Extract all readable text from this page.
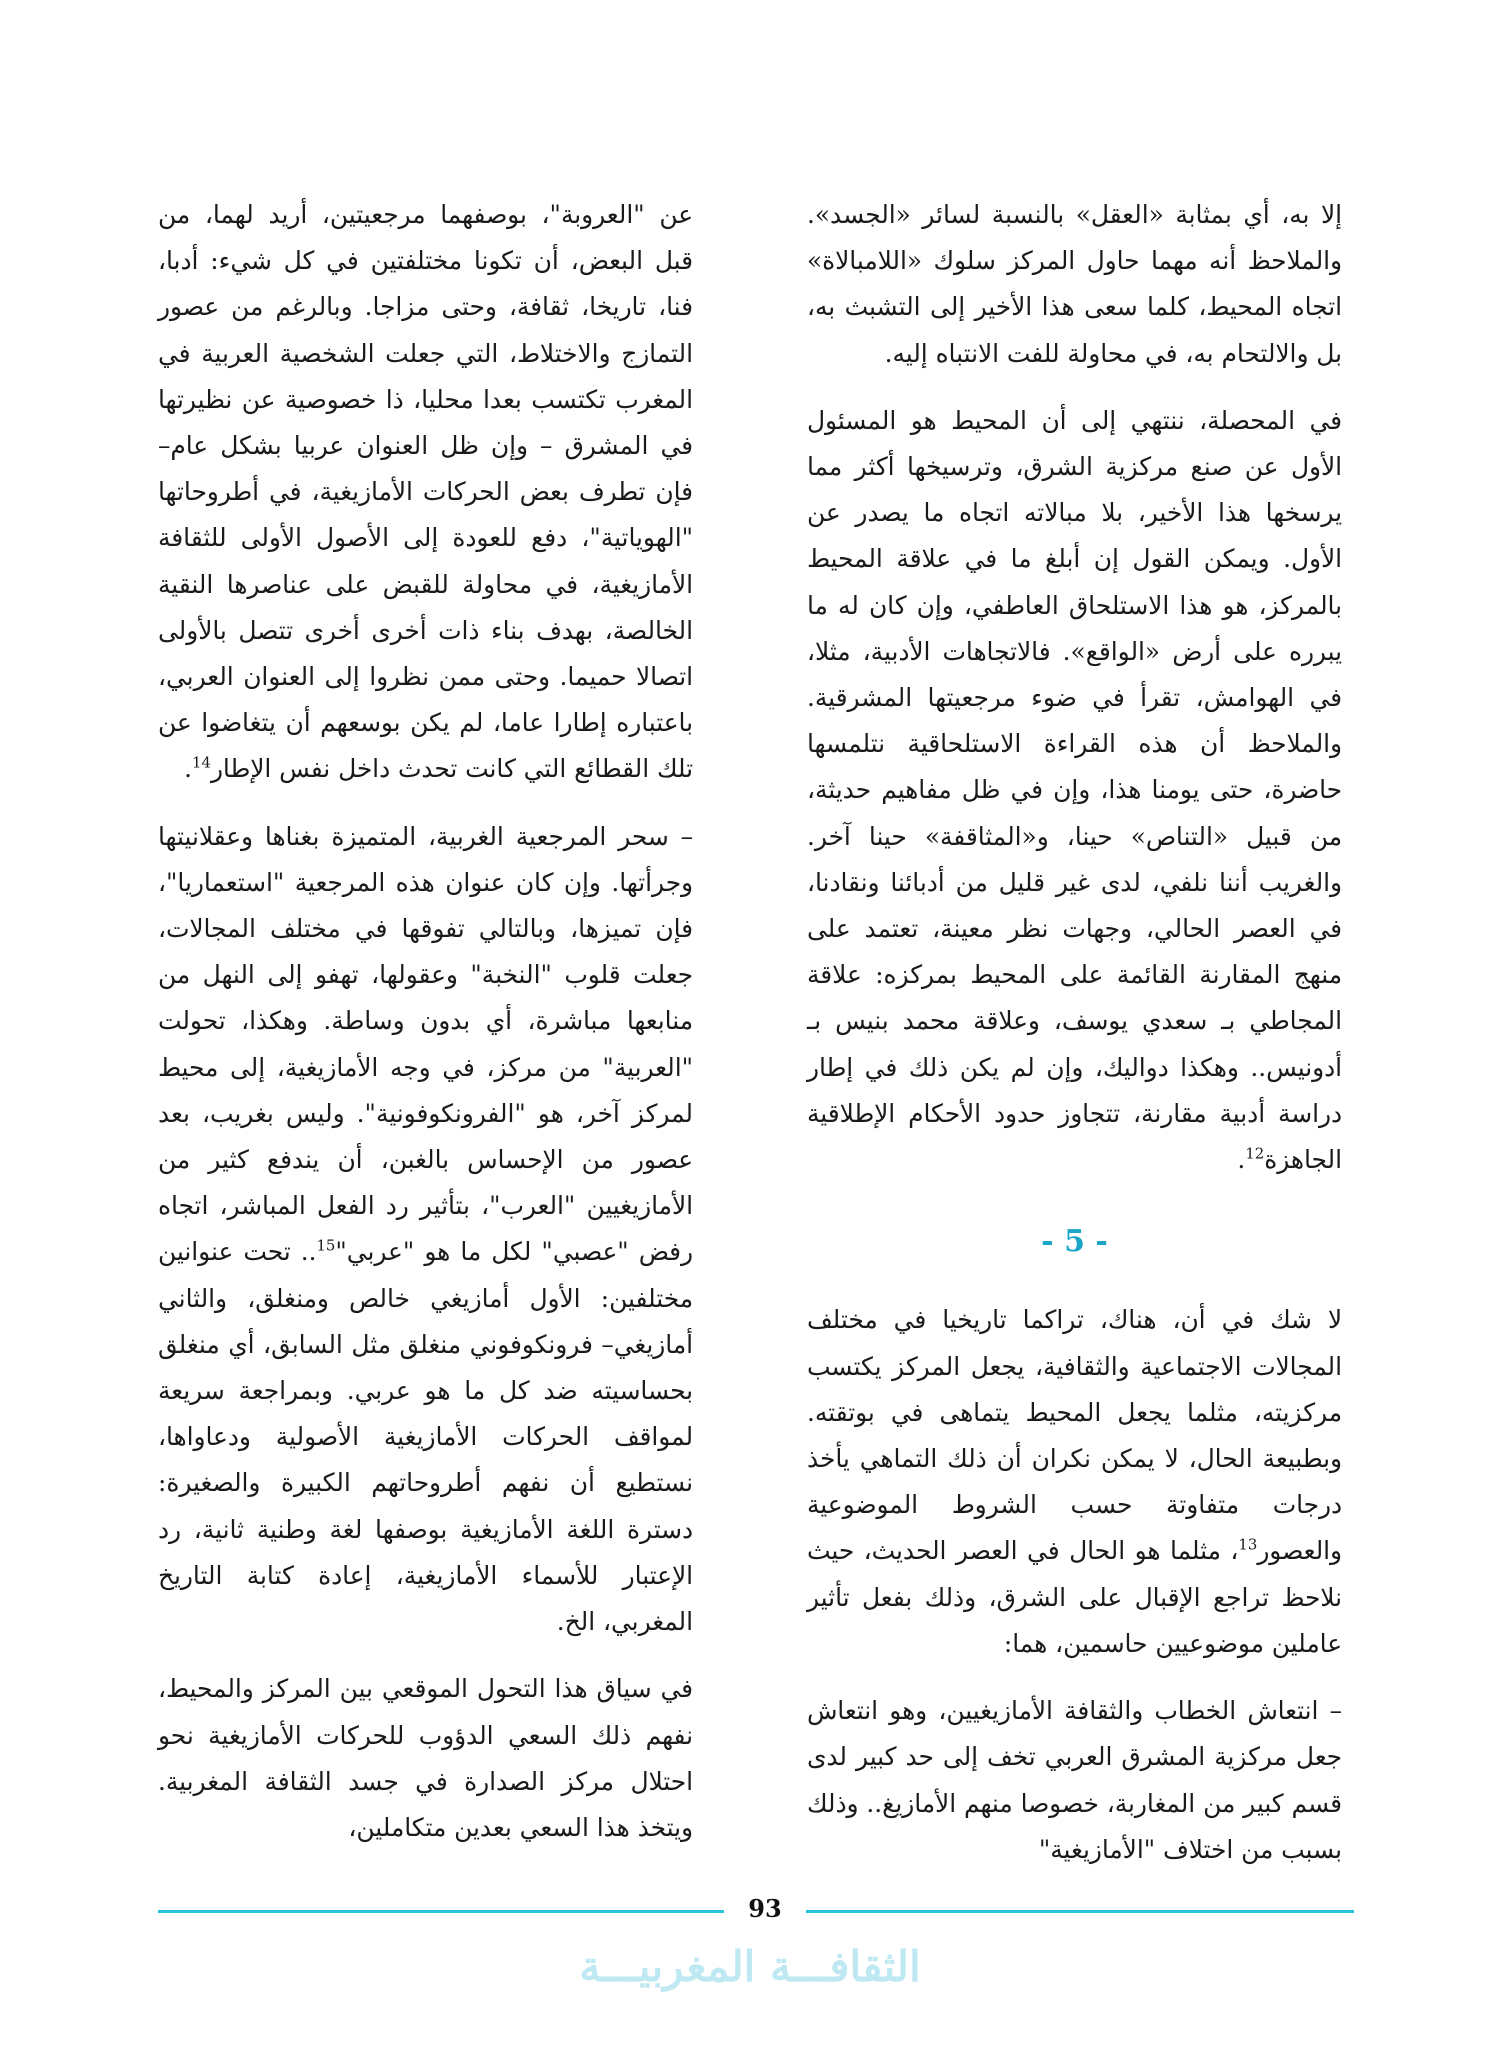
إلا به، أي بمثابة «العقل» بالنسبة لسائر «الجسد». والملاحظ أنه مهما حاول المركز سلوك «اللامبالاة» اتجاه المحيط، كلما سعى هذا الأخير إلى التشبث به، بل والالتحام به، في محاولة للفت الانتباه إليه.

في المحصلة، ننتهي إلى أن المحيط هو المسئول الأول عن صنع مركزية الشرق، وترسيخها أكثر مما يرسخها هذا الأخير، بلا مبالاته اتجاه ما يصدر عن الأول. ويمكن القول إن أبلغ ما في علاقة المحيط بالمركز، هو هذا الاستلحاق العاطفي، وإن كان له ما يبرره على أرض «الواقع». فالاتجاهات الأدبية، مثلا، في الهوامش، تقرأ في ضوء مرجعيتها المشرقية. والملاحظ أن هذه القراءة الاستلحاقية نتلمسها حاضرة، حتى يومنا هذا، وإن في ظل مفاهيم حديثة، من قبيل «التناص» حينا، و«المثاقفة» حينا آخر. والغريب أننا نلفي، لدى غير قليل من أدبائنا ونقادنا، في العصر الحالي، وجهات نظر معينة، تعتمد على منهج المقارنة القائمة على المحيط بمركزه: علاقة المجاطي بـ سعدي يوسف، وعلاقة محمد بنيس بـ أدونيس.. وهكذا دواليك، وإن لم يكن ذلك في إطار دراسة أدبية مقارنة، تتجاوز حدود الأحكام الإطلاقية الجاهزة$^{12}$.

- 5 -

لا شك في أن، هناك، تراكما تاريخيا في مختلف المجالات الاجتماعية والثقافية، يجعل المركز يكتسب مركزيته، مثلما يجعل المحيط يتماهى في بوتقته. وبطبيعة الحال، لا يمكن نكران أن ذلك التماهي يأخذ درجات متفاوتة حسب الشروط الموضوعية والعصور$^{13}$، مثلما هو الحال في العصر الحديث، حيث نلاحظ تراجع الإقبال على الشرق، وذلك بفعل تأثير عاملين موضوعيين حاسمين، هما:

– انتعاش الخطاب والثقافة الأمازيغيين، وهو انتعاش جعل مركزية المشرق العربي تخف إلى حد كبير لدى قسم كبير من المغاربة، خصوصا منهم الأمازيغ.. وذلك بسبب من اختلاف "الأمازيغية"

عن "العروبة"، بوصفهما مرجعيتين، أريد لهما، من قبل البعض، أن تكونا مختلفتين في كل شيء: أدبا، فنا، تاريخا، ثقافة، وحتى مزاجا. وبالرغم من عصور التمازج والاختلاط، التي جعلت الشخصية العربية في المغرب تكتسب بعدا محليا، ذا خصوصية عن نظيرتها في المشرق – وإن ظل العنوان عربيا بشكل عام– فإن تطرف بعض الحركات الأمازيغية، في أطروحاتها "الهوياتية"، دفع للعودة إلى الأصول الأولى للثقافة الأمازيغية، في محاولة للقبض على عناصرها النقية الخالصة، بهدف بناء ذات أخرى أخرى تتصل بالأولى اتصالا حميما. وحتى ممن نظروا إلى العنوان العربي، باعتباره إطارا عاما، لم يكن بوسعهم أن يتغاضوا عن تلك القطائع التي كانت تحدث داخل نفس الإطار$^{14}$.

– سحر المرجعية الغربية، المتميزة بغناها وعقلانيتها وجرأتها. وإن كان عنوان هذه المرجعية "استعماريا"، فإن تميزها، وبالتالي تفوقها في مختلف المجالات، جعلت قلوب "النخبة" وعقولها، تهفو إلى النهل من منابعها مباشرة، أي بدون وساطة. وهكذا، تحولت "العربية" من مركز، في وجه الأمازيغية، إلى محيط لمركز آخر، هو "الفرونكوفونية". وليس بغريب، بعد عصور من الإحساس بالغبن، أن يندفع كثير من الأمازيغيين "العرب"، بتأثير رد الفعل المباشر، اتجاه رفض "عصبي" لكل ما هو "عربي"$^{15}$.. تحت عنوانين مختلفين: الأول أمازيغي خالص ومنغلق، والثاني أمازيغي– فرونكوفوني منغلق مثل السابق، أي منغلق بحساسيته ضد كل ما هو عربي. وبمراجعة سريعة لمواقف الحركات الأمازيغية الأصولية ودعاواها، نستطيع أن نفهم أطروحاتهم الكبيرة والصغيرة: دسترة اللغة الأمازيغية بوصفها لغة وطنية ثانية، رد الإعتبار للأسماء الأمازيغية، إعادة كتابة التاريخ المغربي، الخ.

في سياق هذا التحول الموقعي بين المركز والمحيط، نفهم ذلك السعي الدؤوب للحركات الأمازيغية نحو احتلال مركز الصدارة في جسد الثقافة المغربية. ويتخذ هذا السعي بعدين متكاملين،

93
الثقافـــة المغربيـــة
